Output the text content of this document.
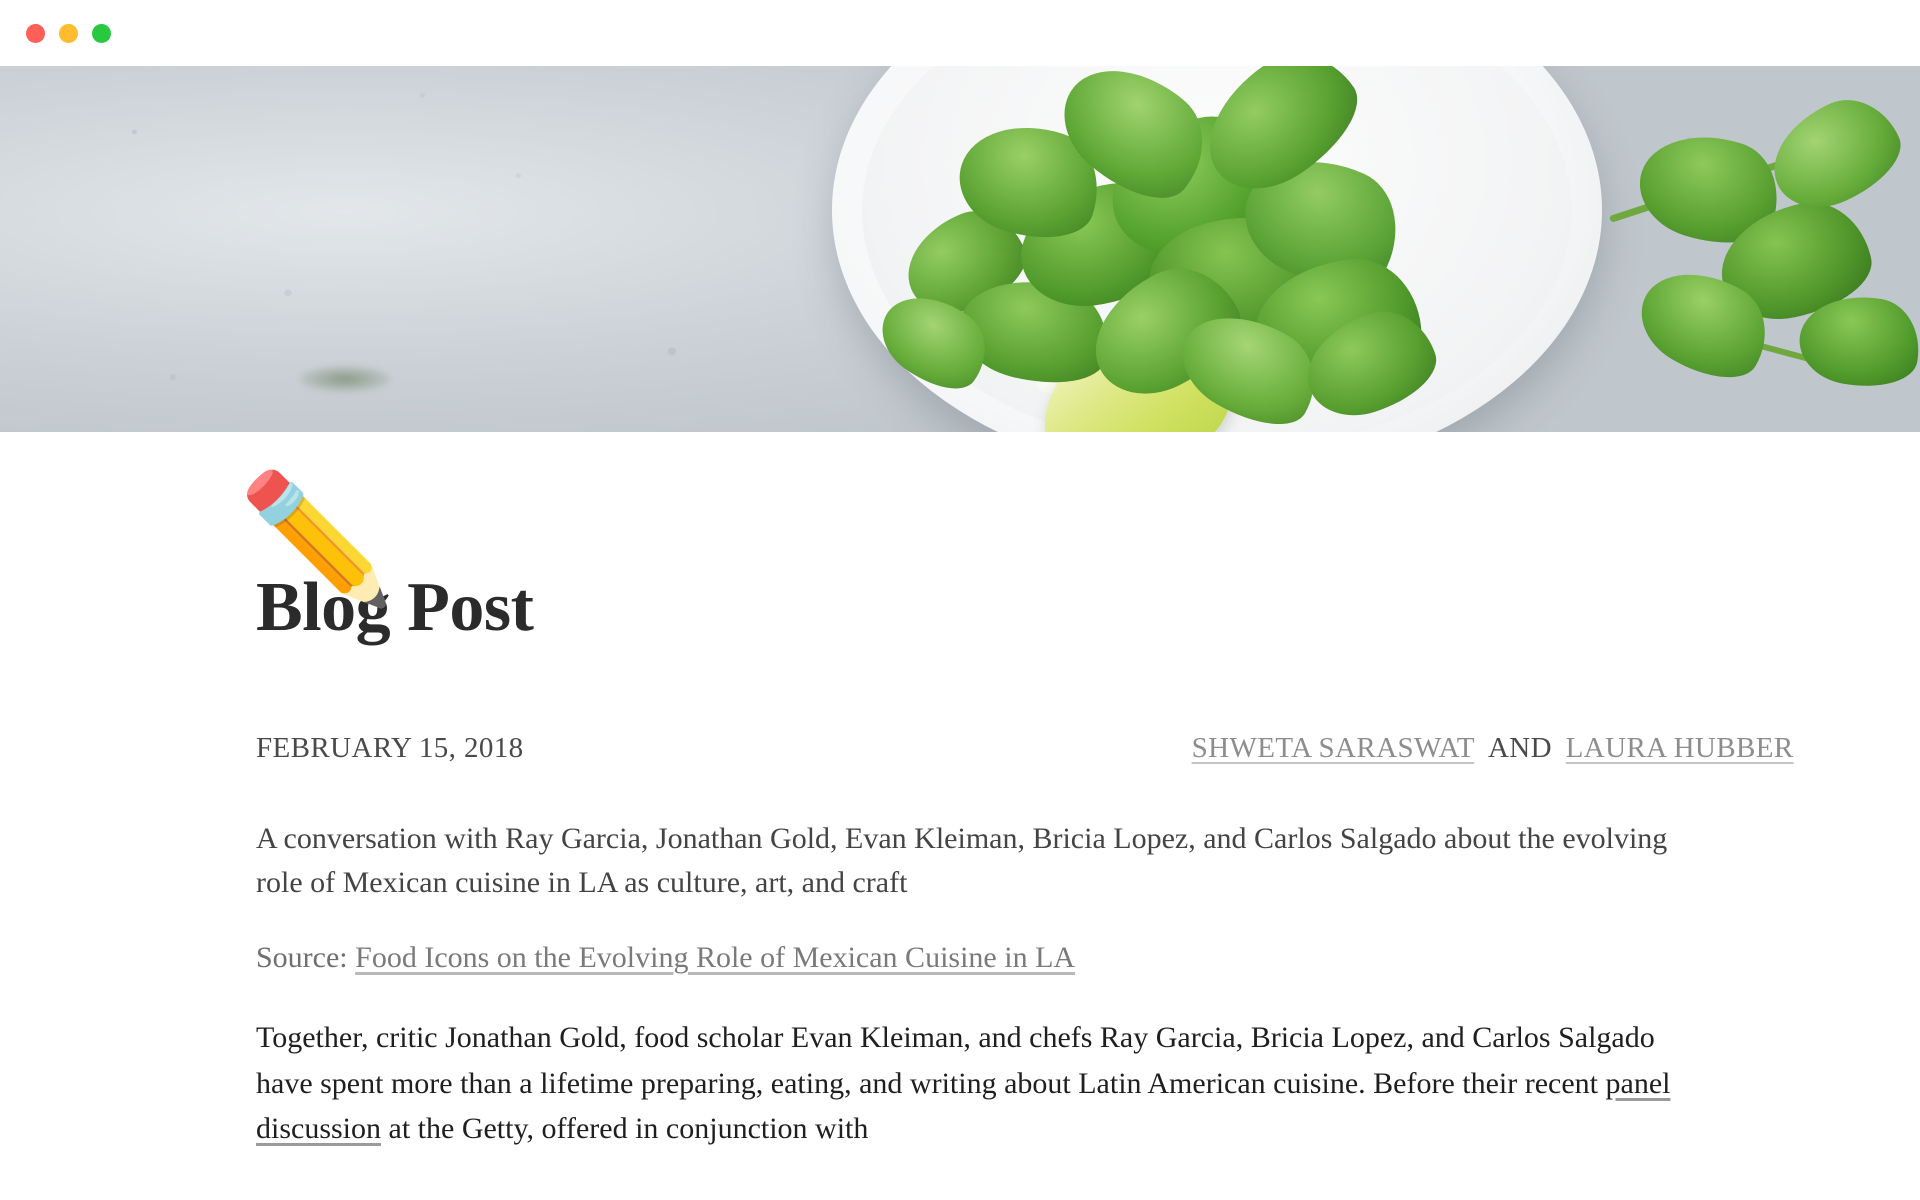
✏️
Blog Post
FEBRUARY 15, 2018	SHWETA SARASWAT AND LAURA HUBBER

A conversation with Ray Garcia, Jonathan Gold, Evan Kleiman, Bricia Lopez, and Carlos Salgado about the evolving role of Mexican cuisine in LA as culture, art, and craft

Source: Food Icons on the Evolving Role of Mexican Cuisine in LA

Together, critic Jonathan Gold, food scholar Evan Kleiman, and chefs Ray Garcia, Bricia Lopez, and Carlos Salgado have spent more than a lifetime preparing, eating, and writing about Latin American cuisine. Before their recent panel discussion at the Getty, offered in conjunction with
